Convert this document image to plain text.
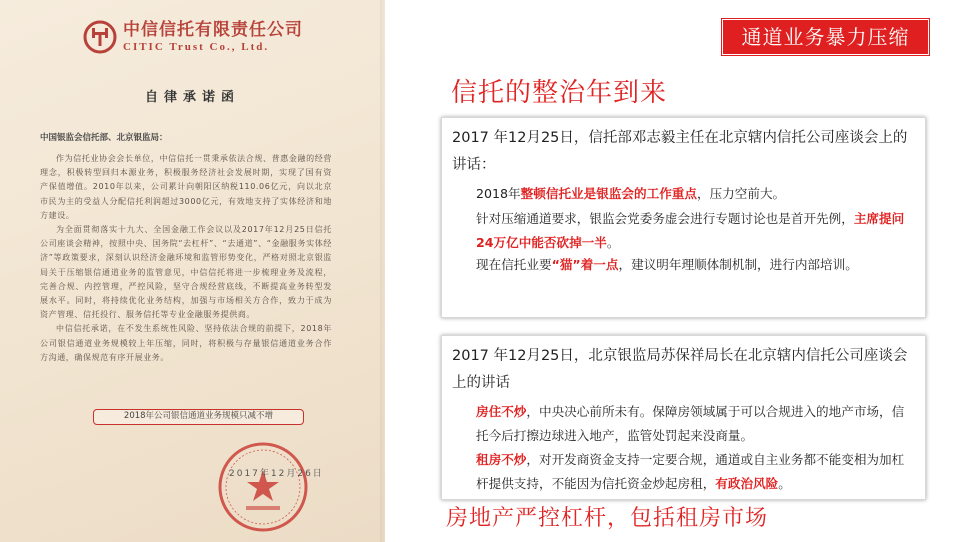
中信信托有限责任公司
CITIC Trust Co., Ltd.
自律承诺函
中国银监会信托部、北京银监局：

作为信托业协会会长单位，中信信托一贯秉承依法合规、普惠金融的经营理念，积极转型回归本源业务，积极服务经济社会发展时期，实现了国有资产保值增值。2010年以来，公司累计向朝阳区纳税110.06亿元，向以北京市民为主的受益人分配信托利润超过3000亿元，有效地支持了实体经济和地方建设。

为全面贯彻落实十九大、全国金融工作会议以及2017年12月25日信托公司座谈会精神，按照中央、国务院“去杠杆”、“去通道”、“金融服务实体经济”等政策要求，深刻认识经济金融环境和监管形势变化，严格对照北京银监局关于压缩银信通道业务的监管意见，中信信托将进一步梳理业务及流程，完善合规、内控管理，严控风险，坚守合规经营底线，不断提高业务转型发展水平。同时，将持续优化业务结构，加强与市场相关方合作，致力于成为资产管理、信托投行、服务信托等专业金融服务提供商。

中信信托承诺，在不发生系统性风险、坚持依法合规的前提下，2018年公司银信通道业务规模较上年压缩，同时，将积极与存量银信通道业务合作方沟通，确保规范有序开展业务。

2018年公司银信通道业务规模只减不增
2017年12月26日
通道业务暴力压缩
信托的整治年到来
2017 年12月25日，信托部邓志毅主任在北京辖内信托公司座谈会上的讲话：
2018年整顿信托业是银监会的工作重点，压力空前大。
针对压缩通道要求，银监会党委务虚会进行专题讨论也是首开先例，主席提问24万亿中能否砍掉一半。
现在信托业要“猫”着一点，建议明年理顺体制机制，进行内部培训。
2017 年12月25日，北京银监局苏保祥局长在北京辖内信托公司座谈会上的讲话
房住不炒，中央决心前所未有。保障房领域属于可以合规进入的地产市场，信托今后打擦边球进入地产，监管处罚起来没商量。
租房不炒，对开发商资金支持一定要合规，通道或自主业务都不能变相为加杠杆提供支持，不能因为信托资金炒起房租，有政治风险。
房地产严控杠杆，包括租房市场
